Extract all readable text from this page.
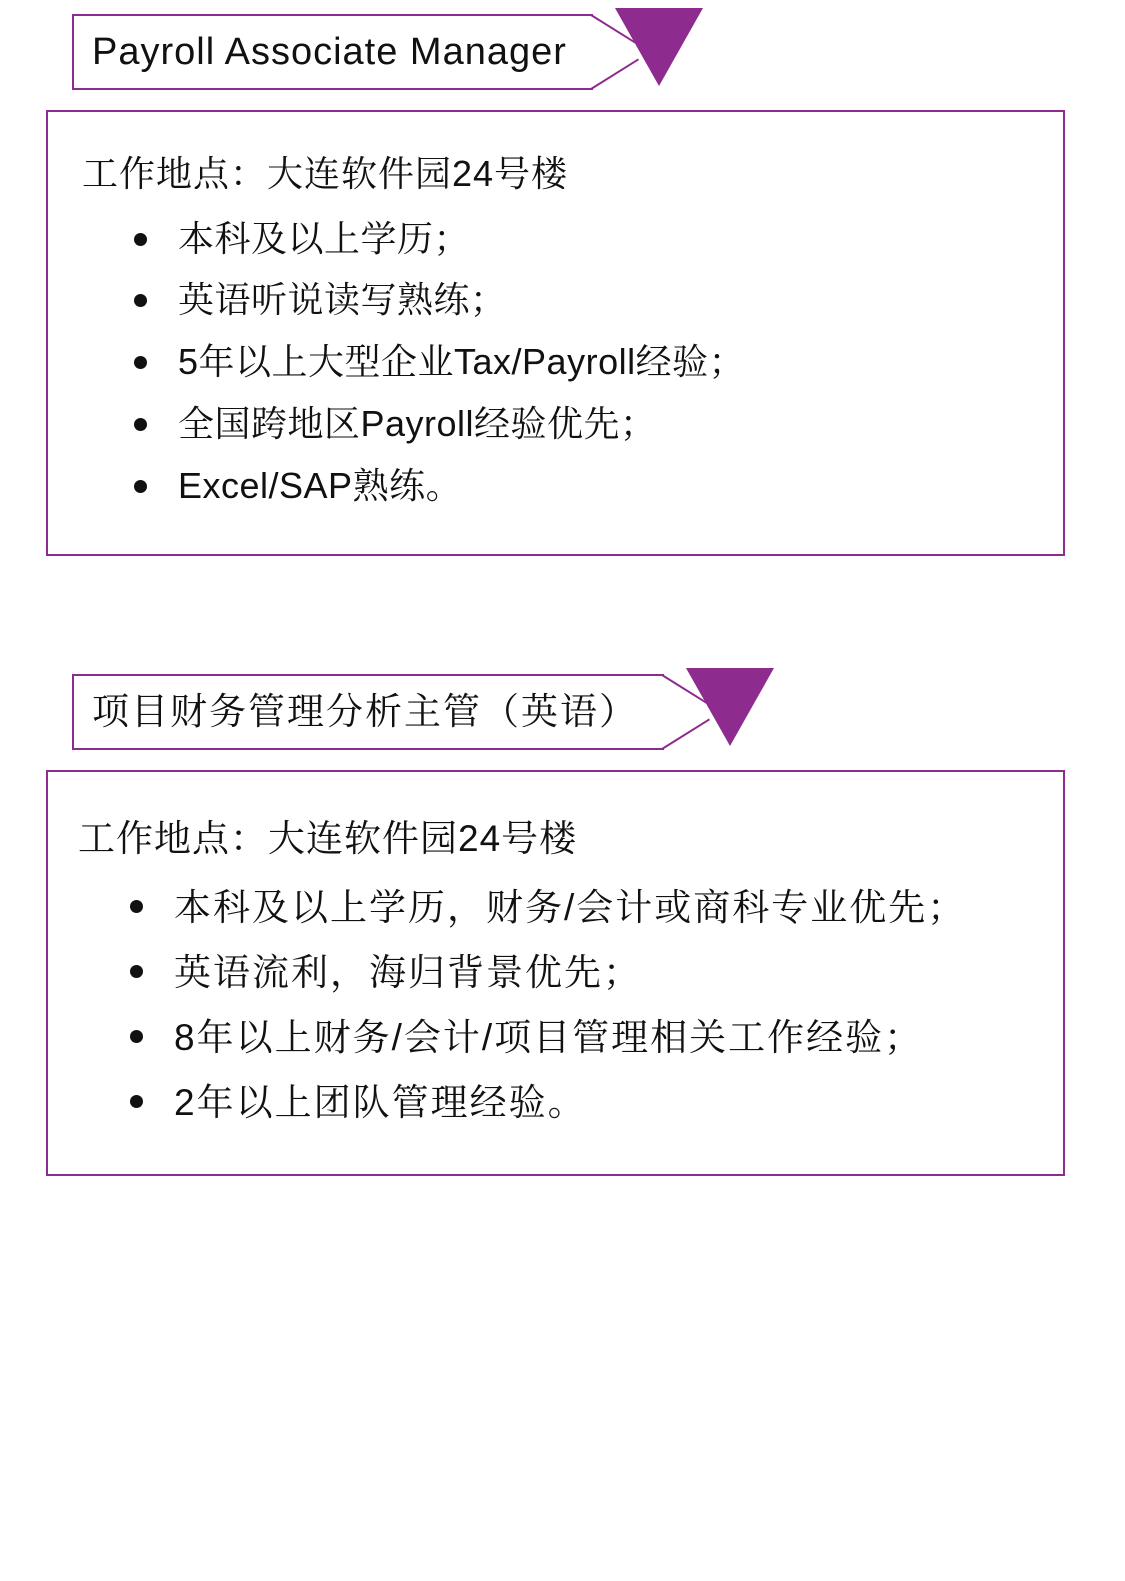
Payroll Associate Manager
工作地点：大连软件园24号楼
本科及以上学历；
英语听说读写熟练；
5年以上大型企业Tax/Payroll经验；
全国跨地区Payroll经验优先；
Excel/SAP熟练。
项目财务管理分析主管（英语）
工作地点：大连软件园24号楼
本科及以上学历，财务/会计或商科专业优先；
英语流利，海归背景优先；
8年以上财务/会计/项目管理相关工作经验；
2年以上团队管理经验。
